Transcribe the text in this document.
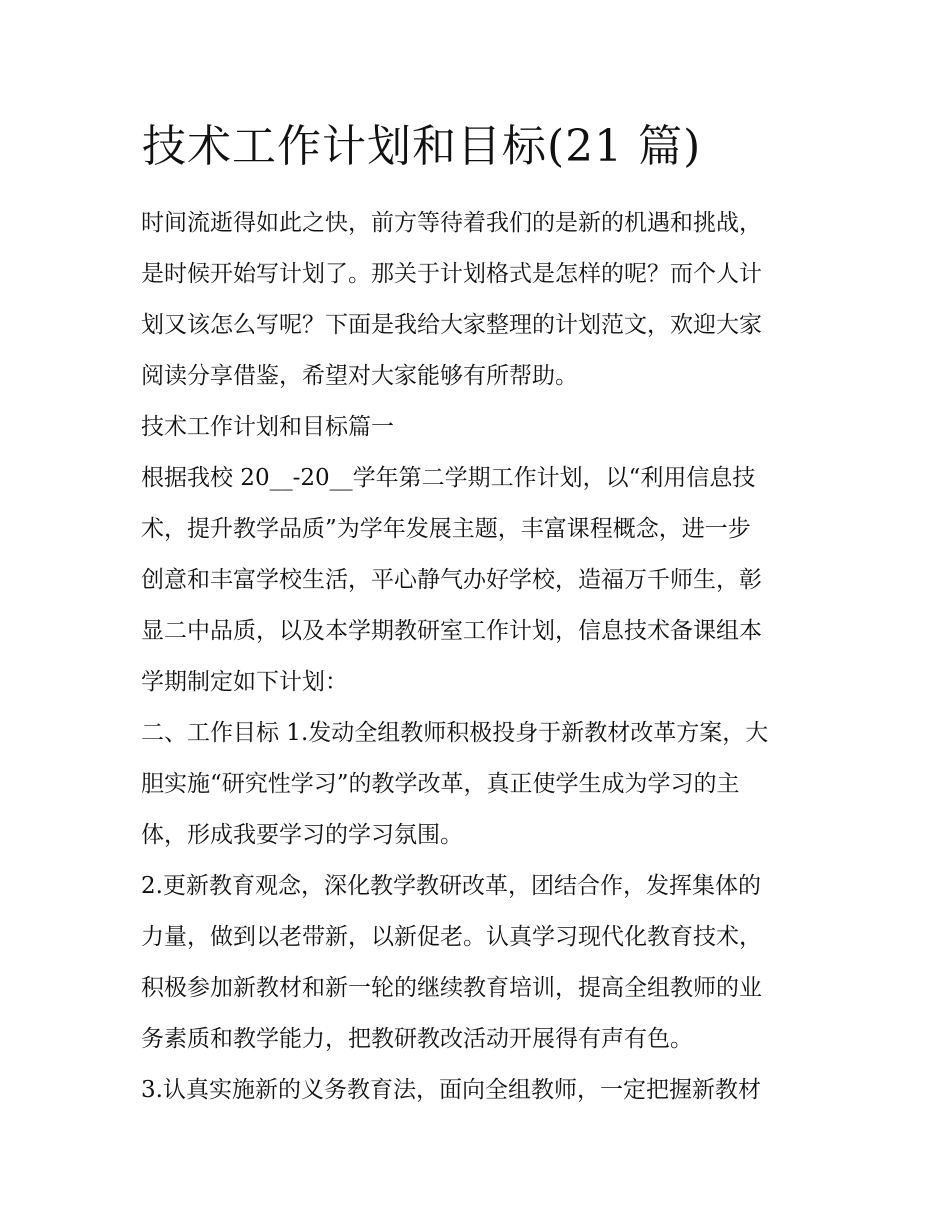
技术工作计划和目标(21 篇)

时间流逝得如此之快，前方等待着我们的是新的机遇和挑战，
是时候开始写计划了。那关于计划格式是怎样的呢？而个人计
划又该怎么写呢？下面是我给大家整理的计划范文，欢迎大家
阅读分享借鉴，希望对大家能够有所帮助。

技术工作计划和目标篇一

根据我校 20__-20__学年第二学期工作计划，以“利用信息技
术，提升教学品质”为学年发展主题，丰富课程概念，进一步
创意和丰富学校生活，平心静气办好学校，造福万千师生，彰
显二中品质，以及本学期教研室工作计划，信息技术备课组本
学期制定如下计划：

二、工作目标 1.发动全组教师积极投身于新教材改革方案，大
胆实施“研究性学习”的教学改革，真正使学生成为学习的主
体，形成我要学习的学习氛围。

2.更新教育观念，深化教学教研改革，团结合作，发挥集体的
力量，做到以老带新，以新促老。认真学习现代化教育技术，
积极参加新教材和新一轮的继续教育培训，提高全组教师的业
务素质和教学能力，把教研教改活动开展得有声有色。

3.认真实施新的义务教育法，面向全组教师，一定把握新教材
